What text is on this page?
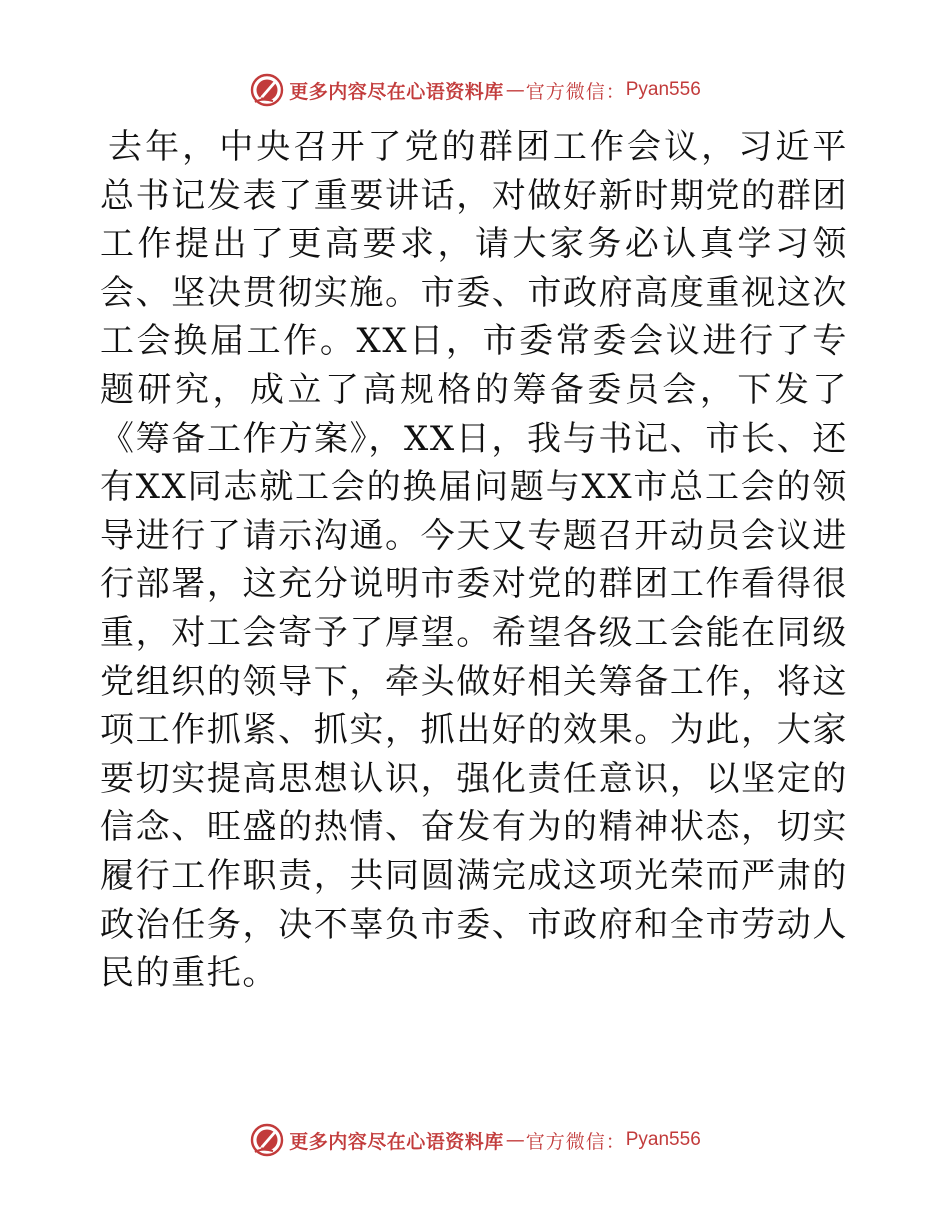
更多内容尽在心语资料库 — 官方微信： Pyan556

去年，中央召开了党的群团工作会议，习近平总书记发表了重要讲话，对做好新时期党的群团工作提出了更高要求，请大家务必认真学习领会、坚决贯彻实施。市委、市政府高度重视这次工会换届工作。XX日，市委常委会议进行了专题研究，成立了高规格的筹备委员会，下发了《筹备工作方案》，XX日，我与书记、市长、还有XX同志就工会的换届问题与XX市总工会的领导进行了请示沟通。今天又专题召开动员会议进行部署，这充分说明市委对党的群团工作看得很重，对工会寄予了厚望。希望各级工会能在同级党组织的领导下，牵头做好相关筹备工作，将这项工作抓紧、抓实，抓出好的效果。为此，大家要切实提高思想认识，强化责任意识，以坚定的信念、旺盛的热情、奋发有为的精神状态，切实履行工作职责，共同圆满完成这项光荣而严肃的政治任务，决不辜负市委、市政府和全市劳动人民的重托。

更多内容尽在心语资料库 — 官方微信： Pyan556
